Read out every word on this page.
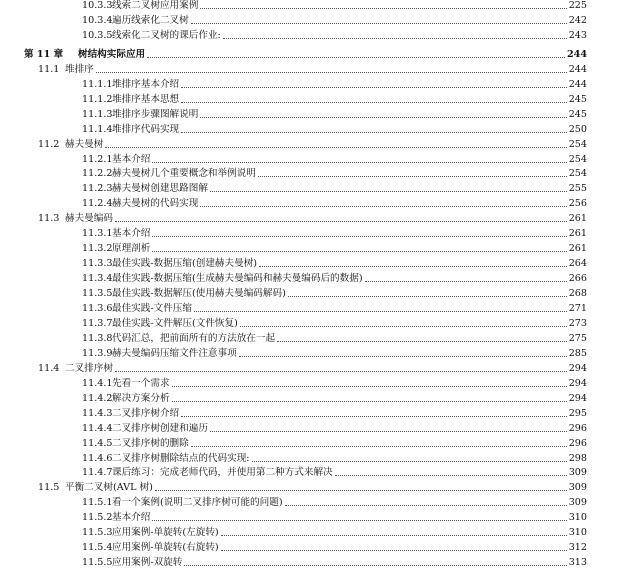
10.3.3 线索二叉树应用案例	225
10.3.4 遍历线索化二叉树	242
10.3.5 线索化二叉树的课后作业:	243
第 11 章	树结构实际应用	244
11.1 堆排序	244
11.1.1 堆排序基本介绍	244
11.1.2 堆排序基本思想	245
11.1.3 堆排序步骤图解说明	245
11.1.4 堆排序代码实现	250
11.2 赫夫曼树	254
11.2.1 基本介绍	254
11.2.2 赫夫曼树几个重要概念和举例说明	254
11.2.3 赫夫曼树创建思路图解	255
11.2.4 赫夫曼树的代码实现	256
11.3 赫夫曼编码	261
11.3.1 基本介绍	261
11.3.2 原理剖析	261
11.3.3 最佳实践-数据压缩(创建赫夫曼树)	264
11.3.4 最佳实践-数据压缩(生成赫夫曼编码和赫夫曼编码后的数据)	266
11.3.5 最佳实践-数据解压(使用赫夫曼编码解码)	268
11.3.6 最佳实践-文件压缩	271
11.3.7 最佳实践-文件解压(文件恢复)	273
11.3.8 代码汇总，把前面所有的方法放在一起	275
11.3.9 赫夫曼编码压缩文件注意事项	285
11.4 二叉排序树	294
11.4.1 先看一个需求	294
11.4.2 解决方案分析	294
11.4.3 二叉排序树介绍	295
11.4.4 二叉排序树创建和遍历	296
11.4.5 二叉排序树的删除	296
11.4.6 二叉排序树删除结点的代码实现:	298
11.4.7 课后练习：完成老师代码，并使用第二种方式来解决	309
11.5 平衡二叉树(AVL 树)	309
11.5.1 看一个案例(说明二叉排序树可能的问题)	309
11.5.2 基本介绍	310
11.5.3 应用案例-单旋转(左旋转)	310
11.5.4 应用案例-单旋转(右旋转)	312
11.5.5 应用案例-双旋转	313
